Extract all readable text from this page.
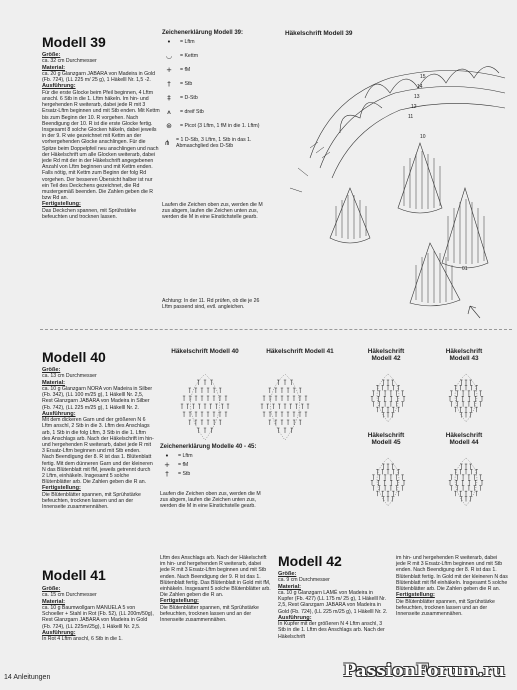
Modell 39
Größe:
ca. 32 cm Durchmesser
Material:
ca. 20 g Glanzgarn JABARA von Madeira in Gold (Fb. 724), (LL 225 m/ 25 g), 1 Häkelll Nr. 1,5 -2.
Ausführung:
Für die erste Glocke beim Pfeil beginnen, 4 Lftm anschl. 6 Stb in die 1. Lftm häkeln. Im hin- und hergehenden R weiterarb, dabei jede R mit 3 Ersatz-Lftm beginnen und mit Stb enden. Mit Kettm bis zum Beginn der 10. R vorgehen. Nach Beendigung der 10. R ist die erste Glocke fertig. Insgesamt 8 solche Glocken häkeln, dabei jeweils in der 9. R wie gezeichnet mit Kettm an der vorhergehenden Glocke anschlingen. Für die Spitze beim Doppelpfeil neu anschlingen und nach der Häkelschrift um alle Glocken weiterarb, dabei jede Rd mit der in der Häkelschrift angegebenen Anzahl von Lftm beginnen und mit Kettm enden. Falls nötig, mit Kettm zum Beginn der folg Rd vorgehen. Der besseren Übersicht halber ist nur ein Teil des Deckchens gezeichnet, die Rd mustergemäß beenden. Die Zahlen geben die R bzw Rd an.
Fertigstellung:
Das Deckchen spannen, mit Sprühstärke befeuchten und trocknen lassen.
Zeichenerklärung Modell 39:
•	= Lftm
◡	= Kettm
+	= fM
†	= Stb
‡	= D-Stb
⩚	= dreif Stb
⊛	= Picot (3 Lftm, 1 fM in die 1. Lftm)
⋔	= 1 D-Stb, 3 Lftm, 1 Stb in das 1. Abmaschglied des D-Stb
Laufen die Zeichen oben zus, werden die M zus abgem, laufen die Zeichen unten zus, werden die M in eine Einstichstelle gearb.
Achtung: In der 11. Rd prüfen, ob die je 26 Lftm passend sind, evtl. angleichen.
Häkelschrift Modell 39
15
14
13
12
11
10
01
Modell 40
Größe:
ca. 13 cm Durchmesser
Material:
ca. 10 g Glanzgarn NORA von Madeira in Silber (Fb. 342), (LL 100 m/25 g), 1 Häkelll Nr. 2,5, Rest Glanzgarn JABARA von Madeira in Silber (Fb. 742), (LL 225 m/25 g), 1 Häkelll Nr. 2.
Ausführung:
Mit dem dickeren Garn und der größeren N 6 Lftm anschl, 2 Stb in die 3. Lftm des Anschlags arb, 1 Stb in die folg Lftm, 3 Stb in die 1. Lftm des Anschlags arb. Nach der Häkelschrift im hin- und hergehenden R weiterarb, dabei jede R mit 3 Ersatz-Lftm beginnen und mit Stb enden. Nach Beendigung der 8. R ist das 1. Blütenblatt fertig. Mit dem dünneren Garn und der kleineren N das Blütenblatt mit fM, jeweils getrennt durch 2 Lftm, einhäkeln. Insgesamt 5 solche Blütenblätter arb. Die Zahlen geben die R an.
Fertigstellung:
Die Blütenblätter spannen, mit Sprühstärke befeuchten, trocknen lassen und an der Innenseite zusammennähen.
Häkelschrift Modell 40	Häkelschrift Modell 41	Häkelschrift Modell 42
Häkelschrift Modell 43
Häkelschrift Modell 45
Häkelschrift Modell 44
Zeichenerklärung Modelle 40 - 45:
•	= Lftm
+	= fM
†	= Stb
Laufen die Zeichen oben zus, werden die M zus abgem, laufen die Zeichen unten zus, werden die M in eine Einstichstelle gearb.
Modell 41
Größe:
ca. 15 cm Durchmesser
Material:
ca. 10 g Baumwollgarn MANUELA 5 von Schoeller + Stahl in Rot (Fb. 52), (LL 200m/50g), Rest Glanzgarn JABARA von Madeira in Gold (Fb. 724), (LL 225m/25g), 1 Häkelll Nr. 2,5.
Ausführung:
In Rot 4 Lftm anschl, 6 Stb in die 1.
Lftm des Anschlags arb. Nach der Häkelschrift im hin- und hergehenden R weiterarb, dabei jede R mit 3 Ersatz-Lftm beginnen und mit Stb enden. Nach Beendigung der 9. R ist das 1. Blütenblatt fertig. Das Blütenblatt in Gold mit fM, einhäkeln. Insgesamt 5 solche Blütenblätter arb. Die Zahlen geben die R an.
Fertigstellung:
Die Blütenblätter spannen, mit Sprühstärke befeuchten, trocknen lassen und an der Innenseite zusammennähen.
Modell 42
Größe:
ca. 9 cm Durchmesser
Material:
ca. 10 g Glanzgarn LAMÉ von Madeira in Kupfer (Fb. 427) (LL 175 m/ 25 g), 1 Häkelll Nr. 2,5, Rest Glanzgarn JABARA von Madeira in Gold (Fb. 724), (LL 225 m/25 g), 1 Häkelll Nr. 2.
Ausführung:
In Kupfer mit der größeren N 4 Lftm anschl, 3 Stb in die 1. Lftm des Anschlags arb. Nach der Häkelschrift
im hin- und hergehenden R weiterarb, dabei jede R mit 3 Ersatz-Lftm beginnen und mit Stb enden. Nach Beendigung der 8. R ist das 1. Blütenblatt fertig. In Gold mit der kleineren N das Blütenblatt mit fM einhäkeln. Insgesamt 5 solche Blütenblätter arb. Die Zahlen geben die R an.
Fertigstellung:
Die Blütenblätter spannen, mit Sprühstärke befeuchten, trocknen lassen und an der Innenseite zusammennähen.
14 Anleitungen	PassionForum.ru
